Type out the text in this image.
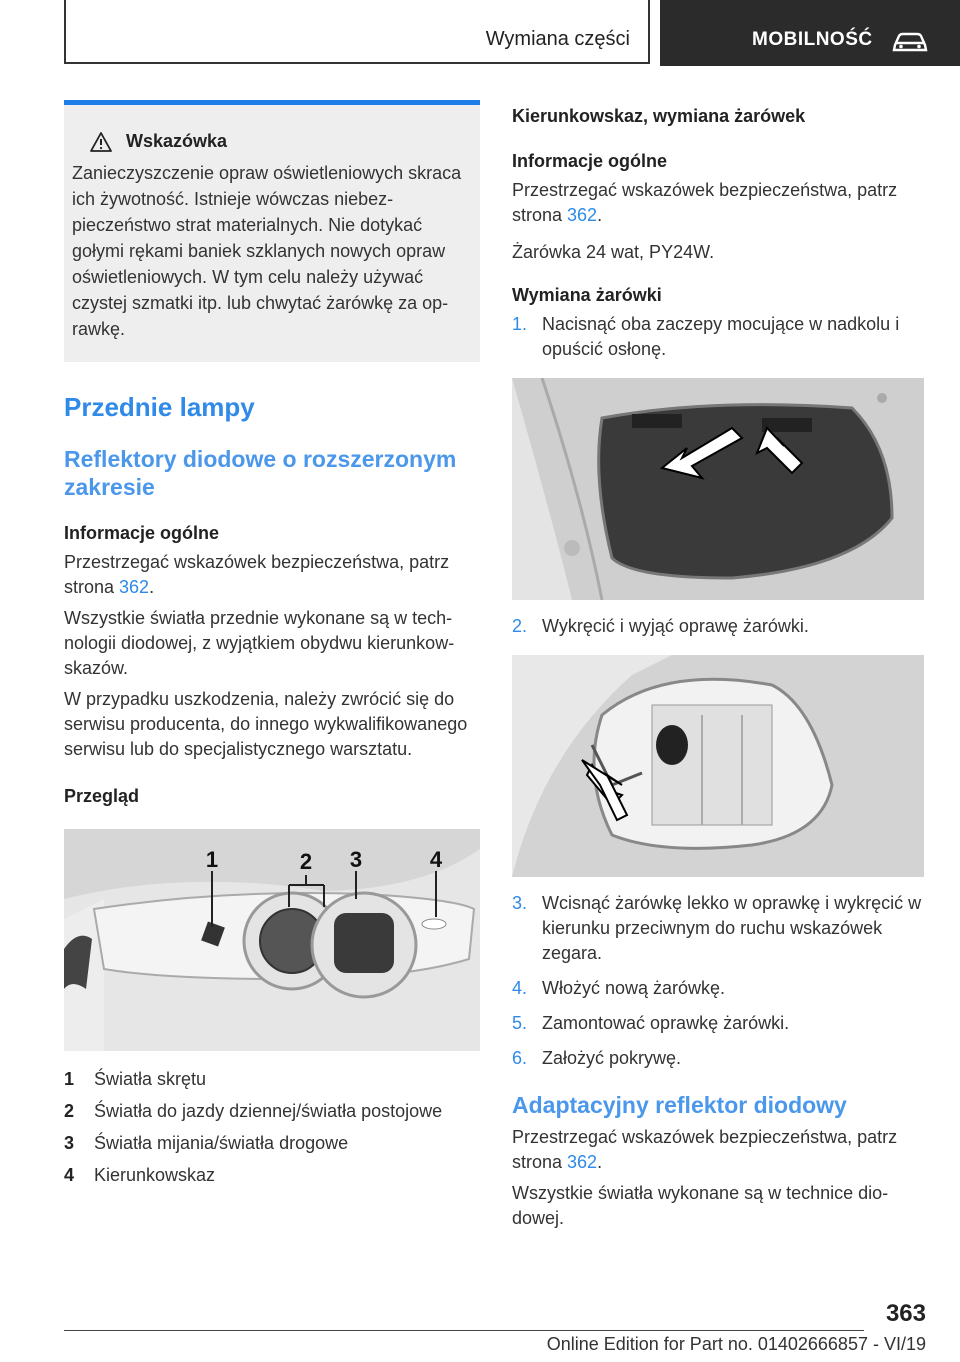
Wymiana części	MOBILNOŚĆ
Wskazówka
Zanieczyszczenie opraw oświetleniowych skraca ich żywotność. Istnieje wówczas niebezpieczeństwo strat materialnych. Nie dotykać gołymi rękami baniek szklanych nowych opraw oświetleniowych. W tym celu należy używać czystej szmatki itp. lub chwytać żarówkę za oprawkę.
Przednie lampy
Reflektory diodowe o rozszerzonym zakresie
Informacje ogólne

Przestrzegać wskazówek bezpieczeństwa, patrz strona 362.

Wszystkie światła przednie wykonane są w technologii diodowej, z wyjątkiem obydwu kierunkowskazów.

W przypadku uszkodzenia, należy zwrócić się do serwisu producenta, do innego wykwalifikowanego serwisu lub do specjalistycznego warsztatu.

Przegląd
1	2 3	4
1	Światła skrętu
2	Światła do jazdy dziennej/światła postojowe
3	Światła mijania/światła drogowe
4	Kierunkowskaz
Kierunkowskaz, wymiana żarówek
Informacje ogólne

Przestrzegać wskazówek bezpieczeństwa, patrz strona 362.

Żarówka 24 wat, PY24W.

Wymiana żarówki
1. Nacisnąć oba zaczepy mocujące w nadkolu i opuścić osłonę.
2. Wykręcić i wyjąć oprawę żarówki.
3. Wcisnąć żarówkę lekko w oprawkę i wykręcić w kierunku przeciwnym do ruchu wskazówek zegara.
4. Włożyć nową żarówkę.
5. Zamontować oprawkę żarówki.
6. Założyć pokrywę.
Adaptacyjny reflektor diodowy

Przestrzegać wskazówek bezpieczeństwa, patrz strona 362.

Wszystkie światła wykonane są w technice diodowej.

363
Online Edition for Part no. 01402666857 - VI/19
